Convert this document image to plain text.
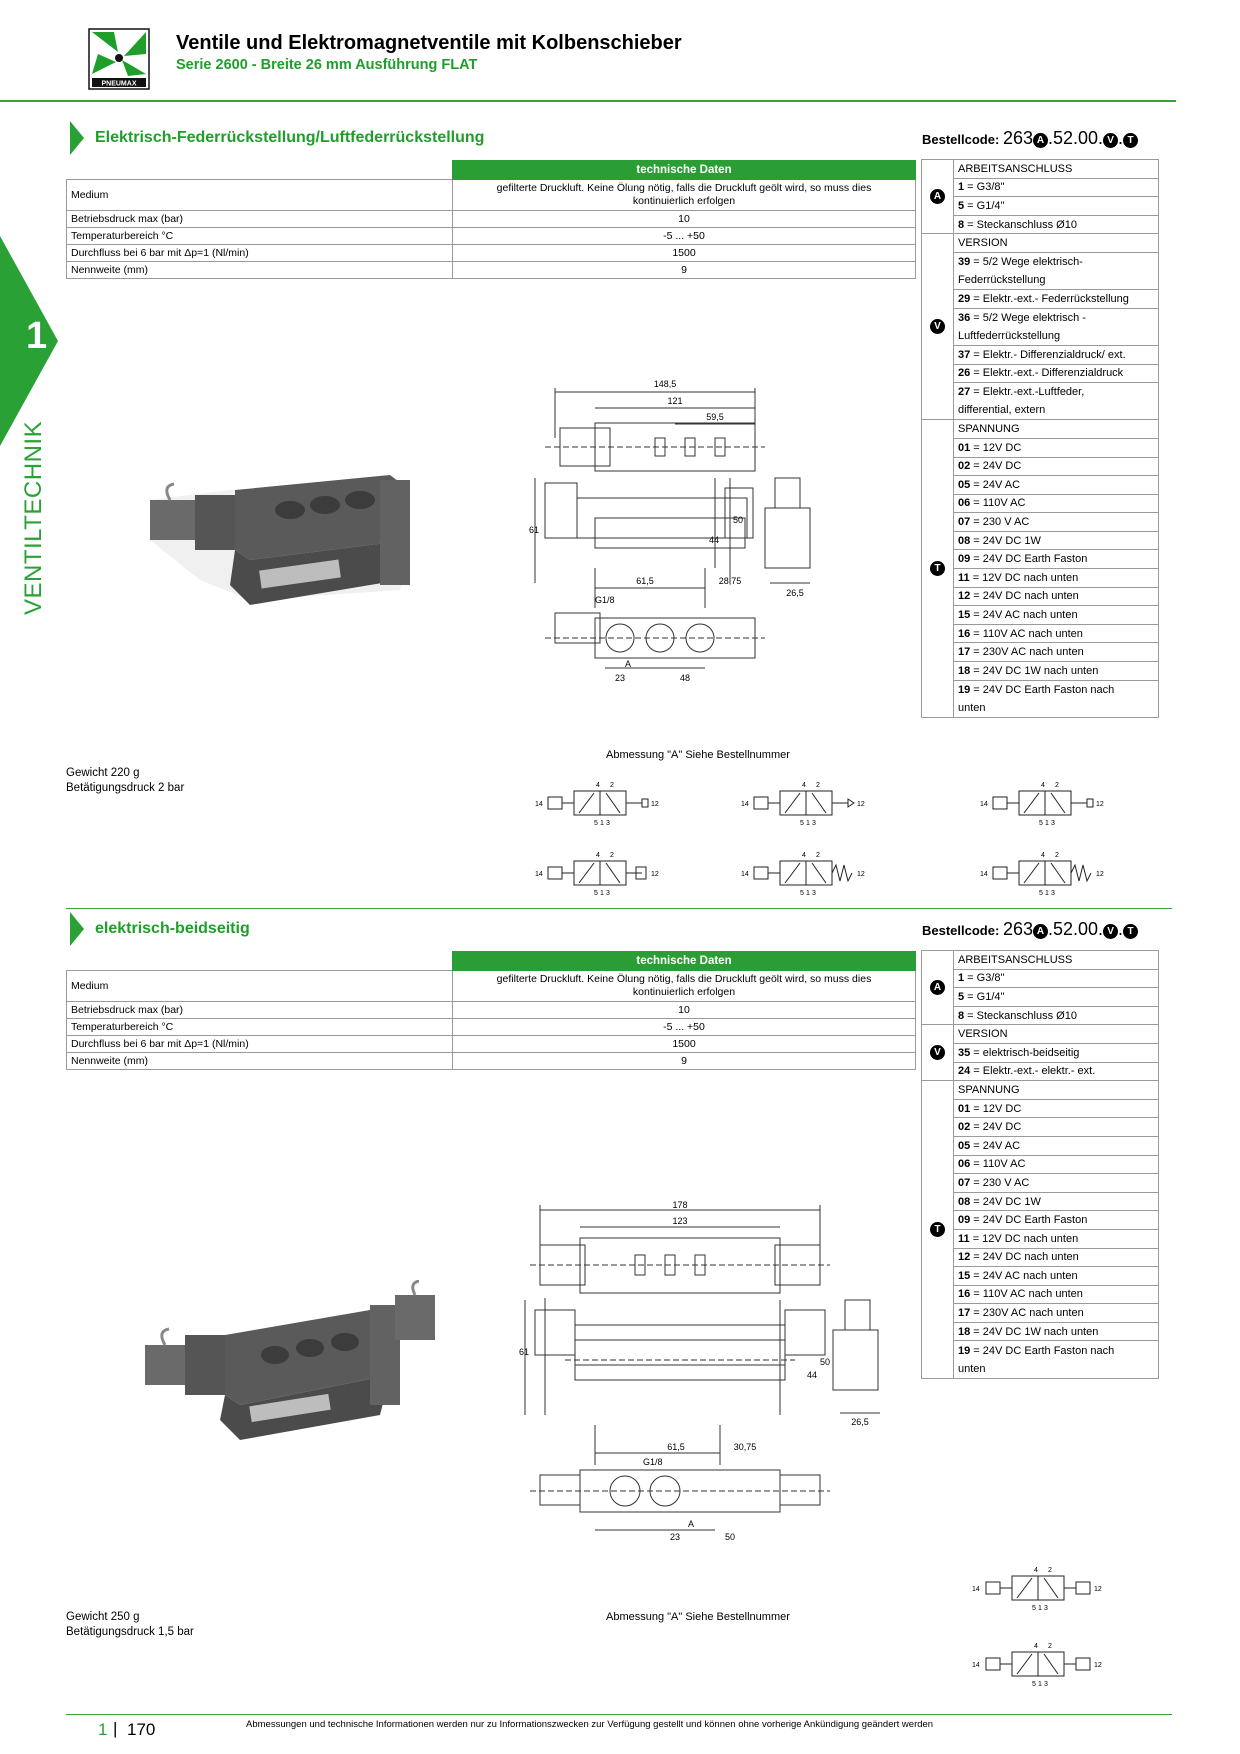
PNEUMAX
Ventile und Elektromagnetventile mit Kolbenschieber
Serie 2600 - Breite 26 mm Ausführung FLAT
1
VENTILTECHNIK
Elektrisch-Federrückstellung/Luftfederrückstellung	Bestellcode: 263 A .52.00. V . T
	technische Daten
Medium	gefilterte Druckluft. Keine Ölung nötig, falls die Druckluft geölt wird, so muss dies kontinuierlich erfolgen
Betriebsdruck max (bar)	10
Temperaturbereich °C	-5 ... +50
Durchfluss bei 6 bar mit Δp=1 (Nl/min)	1500
Nennweite (mm)	9
A	ARBEITSANSCHLUSS
	1 = G3/8"
	5 = G1/4"
	8 = Steckanschluss Ø10
V	VERSION
	39 = 5/2 Wege elektrisch-
	Federrückstellung
	29 = Elektr.-ext.- Federrückstellung
	36 = 5/2 Wege elektrisch -
	Luftfederrückstellung
	37 = Elektr.- Differenzialdruck/ ext.
	26 = Elektr.-ext.- Differenzialdruck
	27 = Elektr.-ext.-Luftfeder,
	differential, extern
T	SPANNUNG
	01 = 12V DC
	02 = 24V DC
	05 = 24V AC
	06 = 110V AC
	07 = 230 V AC
	08 = 24V DC 1W
	09 = 24V DC Earth Faston
	11 = 12V DC nach unten
	12 = 24V DC nach unten
	15 = 24V AC nach unten
	16 = 110V AC nach unten
	17 = 230V AC nach unten
	18 = 24V DC 1W nach unten
	19 = 24V DC Earth Faston nach
	unten
148,5
121
59,5
61
44
50
26,5
61,5	28,75
G1/8
A
23	48
Abmessung "A" Siehe Bestellnummer
Gewicht 220 g
Betätigungsdruck 2 bar
14	12
4 2
5 1 3
14	12
4 2
5 1 3
14	12
4 2
5 1 3
14	12
4 2
5 1 3
14	12
4 2
5 1 3
14	12
4 2
5 1 3
elektrisch-beidseitig	Bestellcode: 263 A .52.00. V . T
	technische Daten
Medium	gefilterte Druckluft. Keine Ölung nötig, falls die Druckluft geölt wird, so muss dies kontinuierlich erfolgen
Betriebsdruck max (bar)	10
Temperaturbereich °C	-5 ... +50
Durchfluss bei 6 bar mit Δp=1 (Nl/min)	1500
Nennweite (mm)	9
A	ARBEITSANSCHLUSS
	1 = G3/8"
	5 = G1/4"
	8 = Steckanschluss Ø10
V	VERSION
	35 = elektrisch-beidseitig
	24 = Elektr.-ext.- elektr.- ext.
T	SPANNUNG
	01 = 12V DC
	02 = 24V DC
	05 = 24V AC
	06 = 110V AC
	07 = 230 V AC
	08 = 24V DC 1W
	09 = 24V DC Earth Faston
	11 = 12V DC nach unten
	12 = 24V DC nach unten
	15 = 24V AC nach unten
	16 = 110V AC nach unten
	17 = 230V AC nach unten
	18 = 24V DC 1W nach unten
	19 = 24V DC Earth Faston nach
	unten
178
123
61
44
50
26,5
61,5	30,75
G1/8
A
23	50
14	12
4 2
5 1 3
14	12
4 2
5 1 3
Gewicht 250 g	Abmessung "A" Siehe Bestellnummer
Betätigungsdruck 1,5 bar
1 | 170	Abmessungen und technische Informationen werden nur zu Informationszwecken zur Verfügung gestellt und können ohne vorherige Ankündigung geändert werden
